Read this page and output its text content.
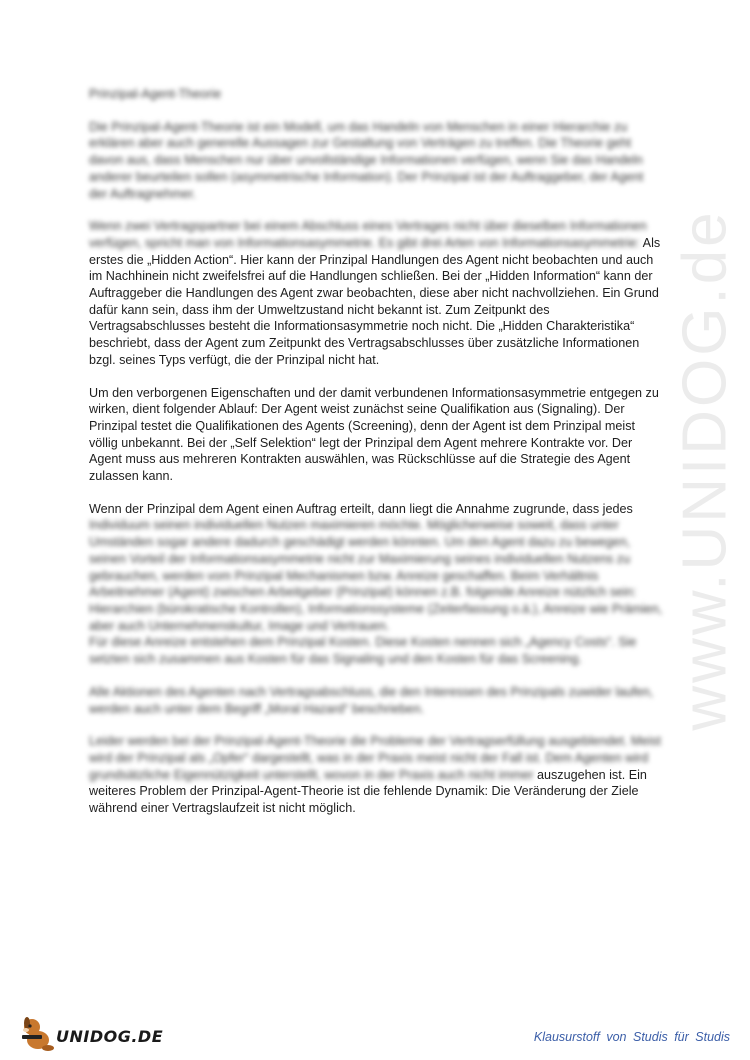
www.UNIDOG.de

Prinzipal-Agent-Theorie

Die Prinzipal-Agent-Theorie ist ein Modell, um das Handeln von Menschen in einer Hierarchie zu erklären aber auch generelle Aussagen zur Gestaltung von Verträgen zu treffen. Die Theorie geht davon aus, dass Menschen nur über unvollständige Informationen verfügen, wenn Sie das Handeln anderer beurteilen sollen (asymmetrische Information). Der Prinzipal ist der Auftraggeber, der Agent der Auftragnehmer.

Wenn zwei Vertragspartner bei einem Abschluss eines Vertrages nicht über dieselben Informationen verfügen, spricht man von Informationsasymmetrie. Es gibt drei Arten von Informationsasymmetrie: Als erstes die „Hidden Action“. Hier kann der Prinzipal Handlungen des Agent nicht beobachten und auch im Nachhinein nicht zweifelsfrei auf die Handlungen schließen. Bei der „Hidden Information“ kann der Auftraggeber die Handlungen des Agent zwar beobachten, diese aber nicht nachvollziehen. Ein Grund dafür kann sein, dass ihm der Umweltzustand nicht bekannt ist. Zum Zeitpunkt des Vertragsabschlusses besteht die Informationsasymmetrie noch nicht. Die „Hidden Charakteristika“ beschriebt, dass der Agent zum Zeitpunkt des Vertragsabschlusses über zusätzliche Informationen bzgl. seines Typs verfügt, die der Prinzipal nicht hat.

Um den verborgenen Eigenschaften und der damit verbundenen Informationsasymmetrie entgegen zu wirken, dient folgender Ablauf: Der Agent weist zunächst seine Qualifikation aus (Signaling). Der Prinzipal testet die Qualifikationen des Agents (Screening), denn der Agent ist dem Prinzipal meist völlig unbekannt. Bei der „Self Selektion“ legt der Prinzipal dem Agent mehrere Kontrakte vor. Der Agent muss aus mehreren Kontrakten auswählen, was Rückschlüsse auf die Strategie des Agent zulassen kann.

Wenn der Prinzipal dem Agent einen Auftrag erteilt, dann liegt die Annahme zugrunde, dass jedes Individuum seinen individuellen Nutzen maximieren möchte. Möglicherweise soweit, dass unter Umständen sogar andere dadurch geschädigt werden könnten. Um den Agent dazu zu bewegen, seinen Vorteil der Informationsasymmetrie nicht zur Maximierung seines individuellen Nutzens zu gebrauchen, werden vom Prinzipal Mechanismen bzw. Anreize geschaffen. Beim Verhältnis Arbeitnehmer (Agent) zwischen Arbeitgeber (Prinzipal) können z.B. folgende Anreize nützlich sein: Hierarchien (bürokratische Kontrollen), Informationssysteme (Zeiterfassung o.ä.), Anreize wie Prämien, aber auch Unternehmenskultur, Image und Vertrauen.

Für diese Anreize entstehen dem Prinzipal Kosten. Diese Kosten nennen sich „Agency Costs“. Sie setzten sich zusammen aus Kosten für das Signaling und den Kosten für das Screening.

Alle Aktionen des Agenten nach Vertragsabschluss, die den Interessen des Prinzipals zuwider laufen, werden auch unter dem Begriff „Moral Hazard“ beschrieben.

Leider werden bei der Prinzipal-Agent-Theorie die Probleme der Vertragserfüllung ausgeblendet. Meist wird der Prinzipal als „Opfer“ dargestellt, was in der Praxis meist nicht der Fall ist. Dem Agenten wird grundsätzliche Eigennützigkeit unterstellt, wovon in der Praxis auch nicht immer auszugehen ist. Ein weiteres Problem der Prinzipal-Agent-Theorie ist die fehlende Dynamik: Die Veränderung der Ziele während einer Vertragslaufzeit ist nicht möglich.

UNIDOG.DE	Klausurstoff von Studis für Studis
